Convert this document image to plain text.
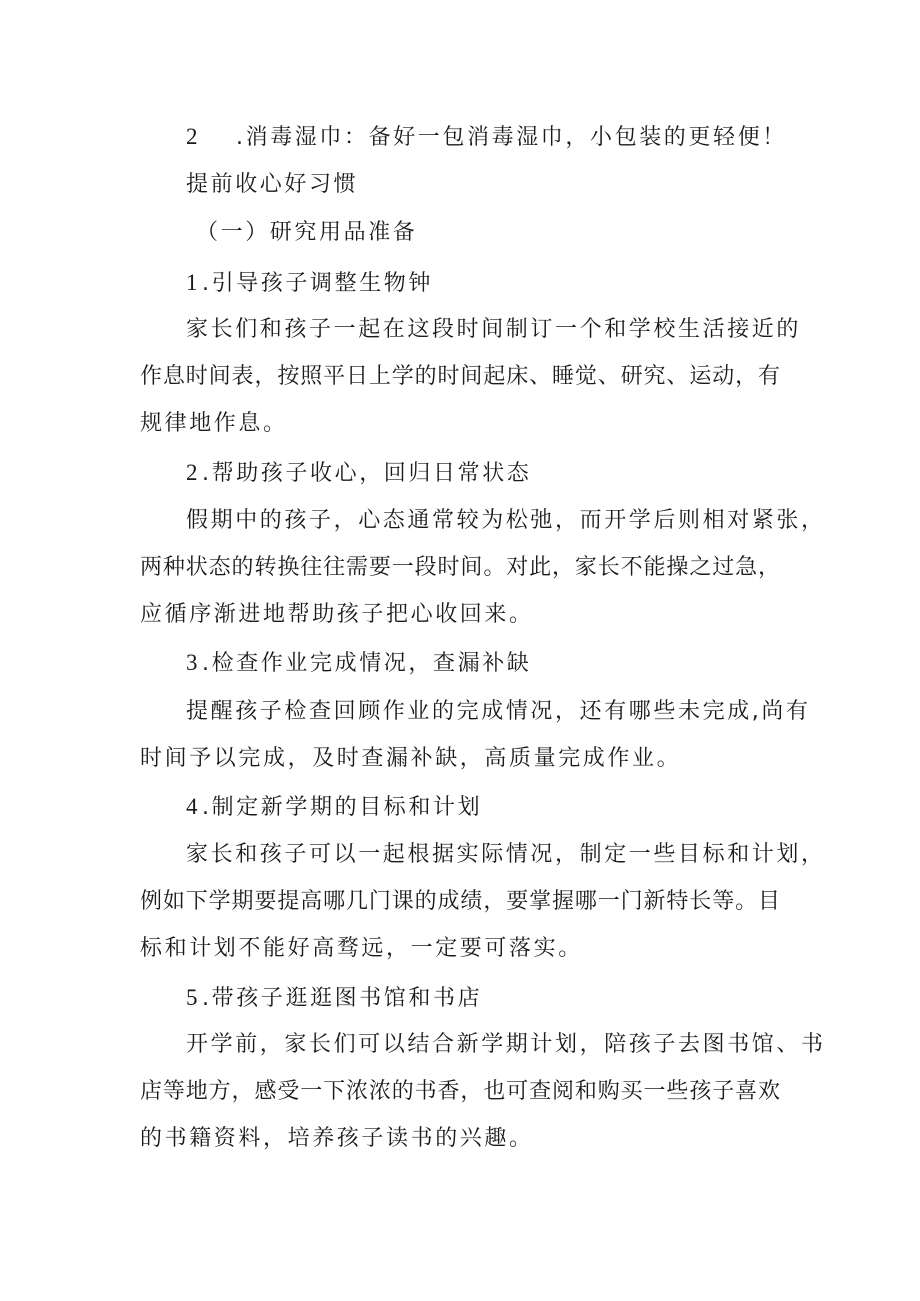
2 .消毒湿巾：备好一包消毒湿巾，小包装的更轻便！
提前收心好习惯
（一）研究用品准备
1.引导孩子调整生物钟
家长们和孩子一起在这段时间制订一个和学校生活接近的
作息时间表，按照平日上学的时间起床、睡觉、研究、运动，有
规律地作息。
2.帮助孩子收心，回归日常状态
假期中的孩子，心态通常较为松弛，而开学后则相对紧张，
两种状态的转换往往需要一段时间。对此，家长不能操之过急，
应循序渐进地帮助孩子把心收回来。
3.检查作业完成情况，查漏补缺
提醒孩子检查回顾作业的完成情况，还有哪些未完成,尚有
时间予以完成，及时查漏补缺，高质量完成作业。
4.制定新学期的目标和计划
家长和孩子可以一起根据实际情况，制定一些目标和计划，
例如下学期要提高哪几门课的成绩，要掌握哪一门新特长等。目
标和计划不能好高骛远，一定要可落实。
5.带孩子逛逛图书馆和书店
开学前，家长们可以结合新学期计划，陪孩子去图书馆、书
店等地方，感受一下浓浓的书香，也可查阅和购买一些孩子喜欢
的书籍资料，培养孩子读书的兴趣。
